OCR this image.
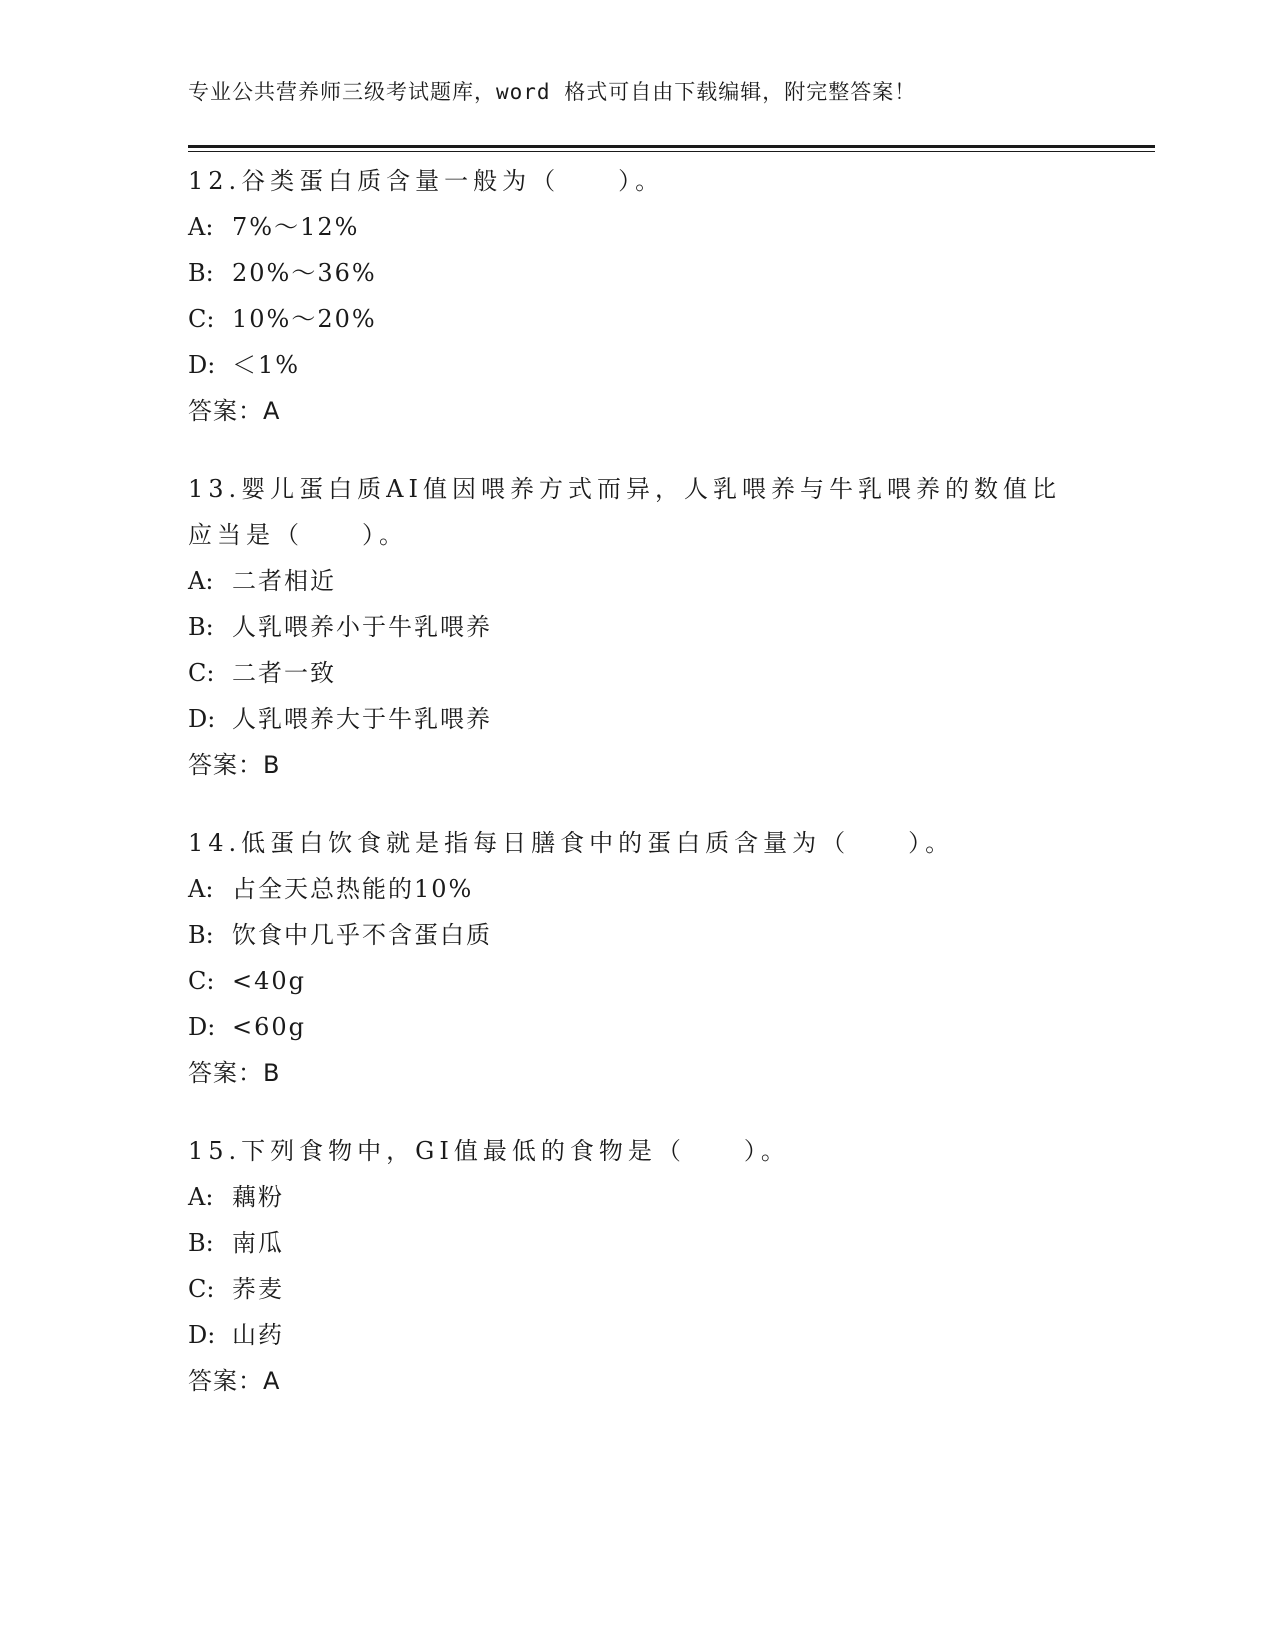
专业公共营养师三级考试题库，word 格式可自由下载编辑，附完整答案！
12.谷类蛋白质含量一般为（　　）。
A: 7%～12%
B: 20%～36%
C: 10%～20%
D: ＜1%
答案：A
13.婴儿蛋白质AI值因喂养方式而异，人乳喂养与牛乳喂养的数值比应当是（　　）。
A: 二者相近
B: 人乳喂养小于牛乳喂养
C: 二者一致
D: 人乳喂养大于牛乳喂养
答案：B
14.低蛋白饮食就是指每日膳食中的蛋白质含量为（　　）。
A: 占全天总热能的10%
B: 饮食中几乎不含蛋白质
C: <40g
D: <60g
答案：B
15.下列食物中，GI值最低的食物是（　　）。
A: 藕粉
B: 南瓜
C: 荞麦
D: 山药
答案：A
